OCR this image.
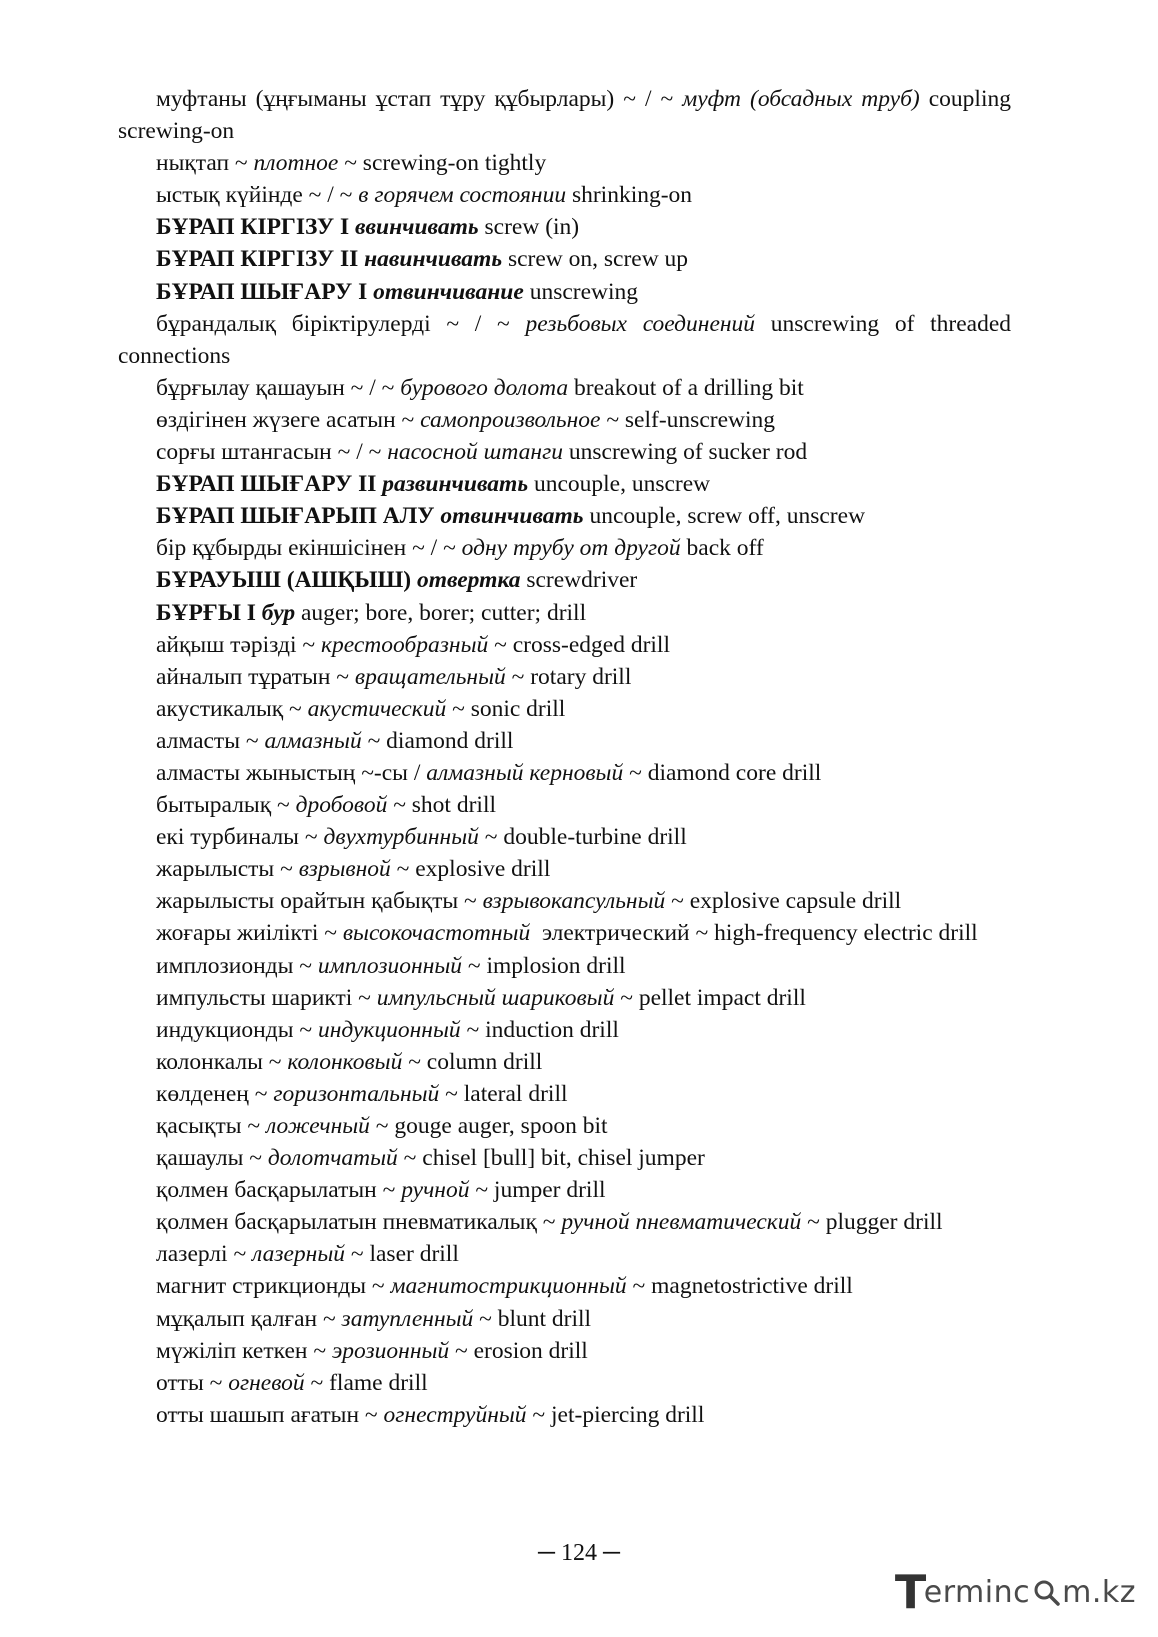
муфтаны (ұңғыманы ұстап тұру құбырлары) ~ / ~ муфт (обсадных труб) coupling screwing-on

нықтап ~ плотное ~ screwing-on tightly

ыстық күйінде ~ / ~ в горячем состоянии shrinking-on

БҰРАП КІРГІЗУ I ввинчивать screw (in)

БҰРАП КІРГІЗУ II навинчивать screw on, screw up

БҰРАП ШЫҒАРУ I отвинчивание unscrewing

бұрандалық біріктірулерді ~ / ~ резьбовых соединений unscrewing of threaded connections

бұрғылау қашауын ~ / ~ бурового долота breakout of a drilling bit

өздігінен жүзеге асатын ~ самопроизвольное ~ self-unscrewing

сорғы штангасын ~ / ~ насосной штанги unscrewing of sucker rod

БҰРАП ШЫҒАРУ II развинчивать uncouple, unscrew

БҰРАП ШЫҒАРЫП АЛУ отвинчивать uncouple, screw off, unscrew

бір құбырды екіншісінен ~ / ~ одну трубу от другой back off

БҰРАУЫШ (АШҚЫШ) отвертка screwdriver

БҰРҒЫ I бур auger; bore, borer; cutter; drill

айқыш тәрізді ~ крестообразный ~ cross-edged drill

айналып тұратын ~ вращательный ~ rotary drill

акустикалық ~ акустический ~ sonic drill

алмасты ~ алмазный ~ diamond drill

алмасты жыныстың ~-сы / алмазный керновый ~ diamond core drill

бытыралық ~ дробовой ~ shot drill

екі турбиналы ~ двухтурбинный ~ double-turbine drill

жарылысты ~ взрывной ~ explosive drill

жарылысты орайтын қабықты ~ взрывокапсульный ~ explosive capsule drill

жоғары жиілікті ~ высокочастотный  электрический ~ high-frequency electric drill

имплозионды ~ имплозионный ~ implosion drill

импульсты шарикті ~ импульсный шариковый ~ pellet impact drill

индукционды ~ индукционный ~ induction drill

колонкалы ~ колонковый ~ column drill

көлденең ~ горизонтальный ~ lateral drill

қасықты ~ ложечный ~ gouge auger, spoon bit

қашаулы ~ долотчатый ~ chisel [bull] bit, chisel jumper

қолмен басқарылатын ~ ручной ~ jumper drill

қолмен басқарылатын пневматикалық ~ ручной пневматический ~ plugger drill

лазерлі ~ лазерный ~ laser drill

магнит стрикционды ~ магнитострикционный ~ magnetostrictive drill

мұқалып қалған ~ затупленный ~ blunt drill

мүжіліп кеткен ~ эрозионный ~ erosion drill

отты ~ огневой ~ flame drill

отты шашып ағатын ~ огнеструйный ~ jet-piercing drill

─ 124 ─
T
erminc m.kz
